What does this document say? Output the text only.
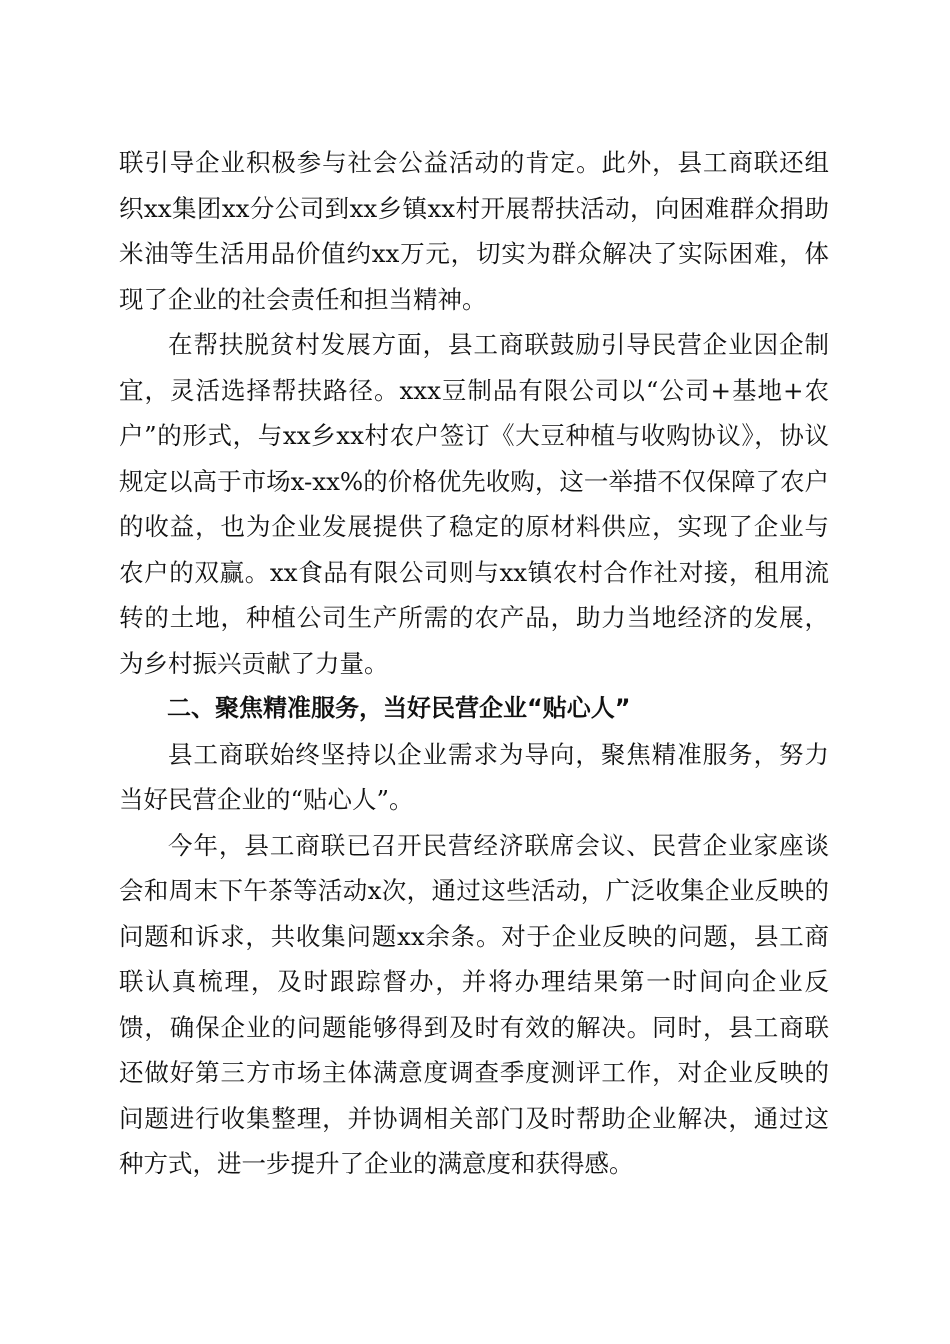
联引导企业积极参与社会公益活动的肯定。此外，县工商联还组织xx集团xx分公司到xx乡镇xx村开展帮扶活动，向困难群众捐助米油等生活用品价值约xx万元，切实为群众解决了实际困难，体现了企业的社会责任和担当精神。

在帮扶脱贫村发展方面，县工商联鼓励引导民营企业因企制宜，灵活选择帮扶路径。xxx豆制品有限公司以“公司+基地+农户”的形式，与xx乡xx村农户签订《大豆种植与收购协议》，协议规定以高于市场x-xx%的价格优先收购，这一举措不仅保障了农户的收益，也为企业发展提供了稳定的原材料供应，实现了企业与农户的双赢。xx食品有限公司则与xx镇农村合作社对接，租用流转的土地，种植公司生产所需的农产品，助力当地经济的发展，为乡村振兴贡献了力量。

二、聚焦精准服务，当好民营企业“贴心人”

县工商联始终坚持以企业需求为导向，聚焦精准服务，努力当好民营企业的“贴心人”。

今年，县工商联已召开民营经济联席会议、民营企业家座谈会和周末下午茶等活动x次，通过这些活动，广泛收集企业反映的问题和诉求，共收集问题xx余条。对于企业反映的问题，县工商联认真梳理，及时跟踪督办，并将办理结果第一时间向企业反馈，确保企业的问题能够得到及时有效的解决。同时，县工商联还做好第三方市场主体满意度调查季度测评工作，对企业反映的问题进行收集整理，并协调相关部门及时帮助企业解决，通过这种方式，进一步提升了企业的满意度和获得感。
